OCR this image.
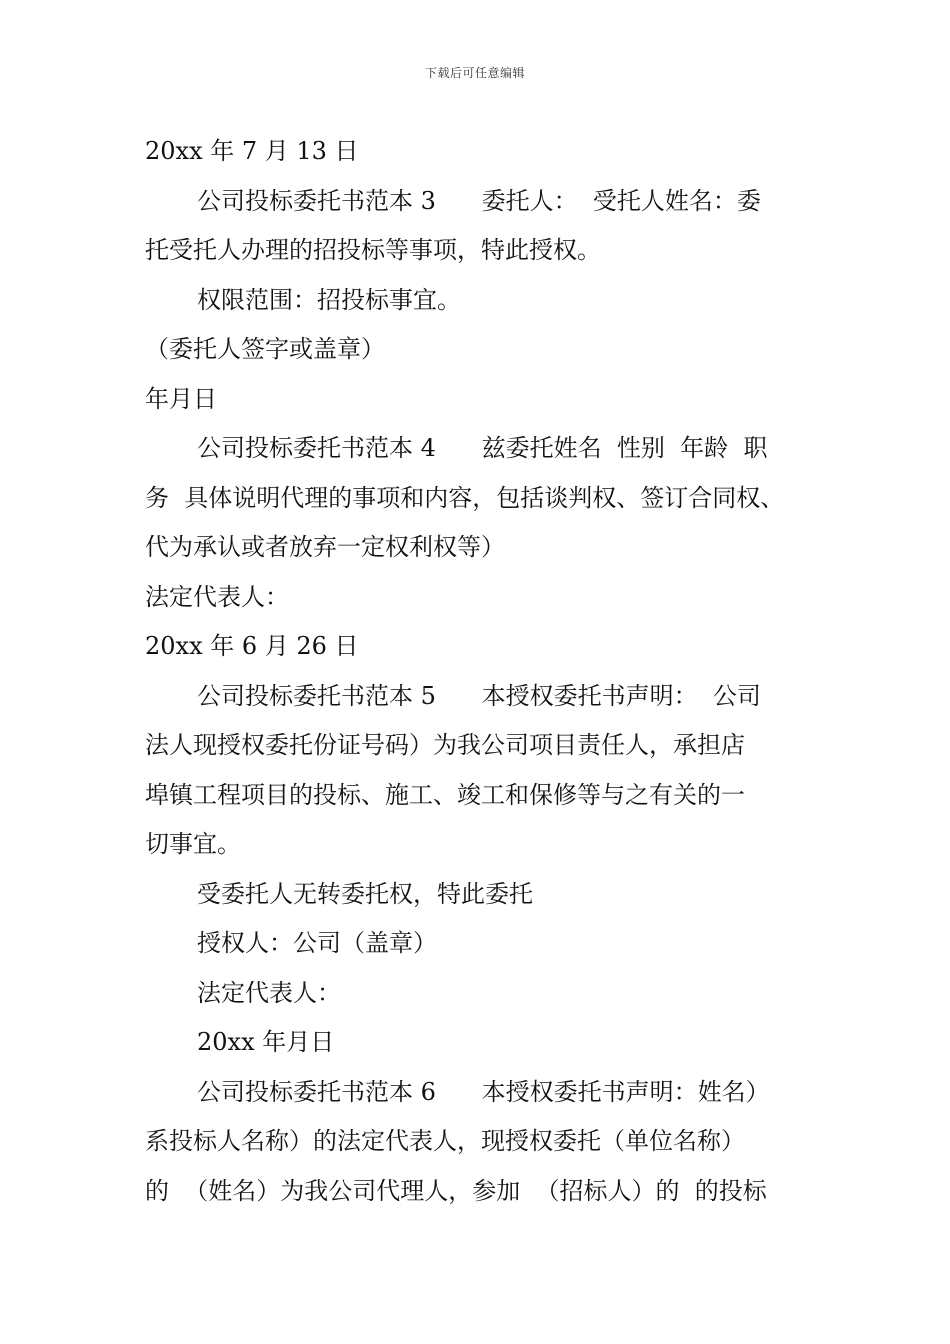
下载后可任意编辑
20xx 年 7 月 13 日
公司投标委托书范本 3      委托人：  受托人姓名：委
托受托人办理的招投标等事项，特此授权。
权限范围：招投标事宜。
（委托人签字或盖章）
年月日
公司投标委托书范本 4      兹委托姓名  性别  年龄  职
务  具体说明代理的事项和内容，包括谈判权、签订合同权、
代为承认或者放弃一定权利权等）
法定代表人：
20xx 年 6 月 26 日
公司投标委托书范本 5      本授权委托书声明：  公司
法人现授权委托份证号码）为我公司项目责任人，承担店
埠镇工程项目的投标、施工、竣工和保修等与之有关的一
切事宜。
受委托人无转委托权，特此委托
授权人：公司（盖章）
法定代表人：
20xx 年月日
公司投标委托书范本 6      本授权委托书声明：姓名）
系投标人名称）的法定代表人，现授权委托（单位名称）
的  （姓名）为我公司代理人，参加  （招标人）的  的投标
